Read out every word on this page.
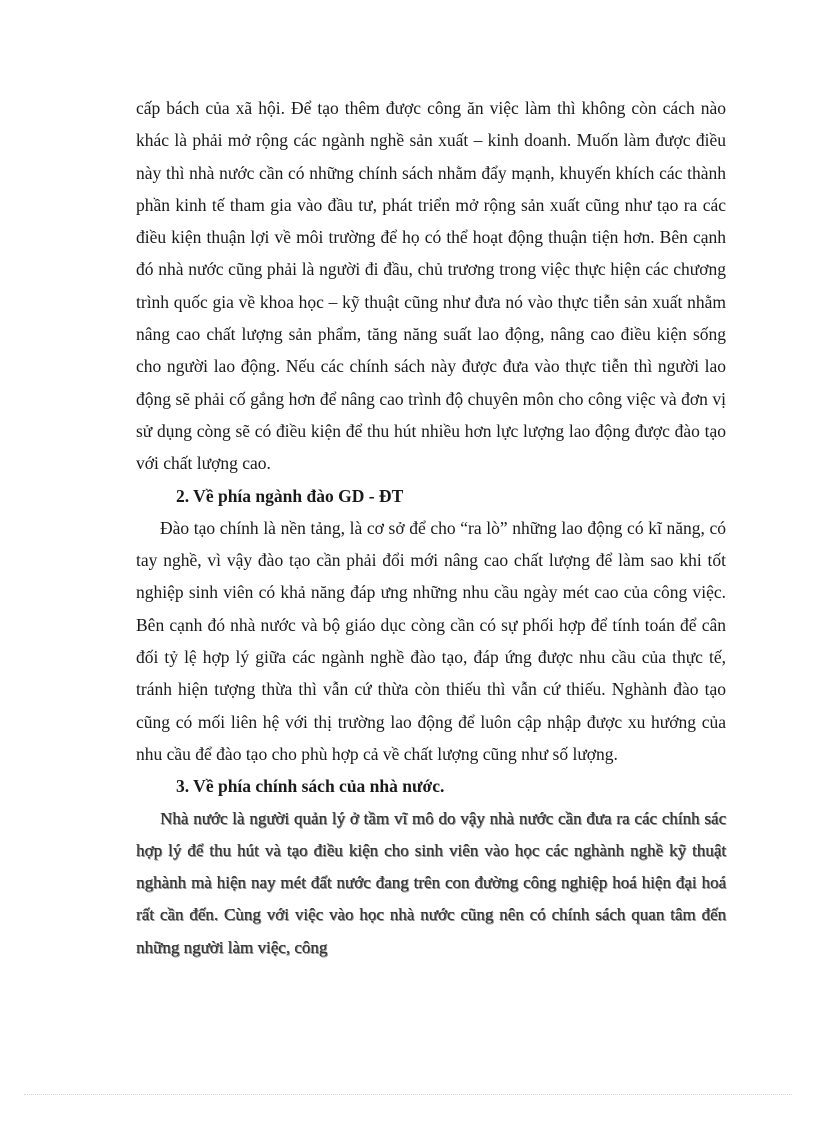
cấp bách của xã hội. Để tạo thêm được công ăn việc làm thì không còn cách nào khác là phải mở rộng các ngành nghề sản xuất – kinh doanh. Muốn làm được điều này thì nhà nước cần có những chính sách nhằm đẩy mạnh, khuyến khích các thành phần kinh tế tham gia vào đầu tư, phát triển mở rộng sản xuất cũng như tạo ra các điều kiện thuận lợi về môi trường để họ có thể hoạt động thuận tiện hơn. Bên cạnh đó nhà nước cũng phải là người đi đầu, chủ trương trong việc thực hiện các chương trình quốc gia về khoa học – kỹ thuật cũng như đưa nó vào thực tiễn sản xuất nhằm nâng cao chất lượng sản phẩm, tăng năng suất lao động, nâng cao điều kiện sống cho người lao động. Nếu các chính sách này được đưa vào thực tiễn thì người lao động sẽ phải cố gắng hơn để nâng cao trình độ chuyên môn cho công việc và đơn vị sử dụng còng sẽ có điều kiện để thu hút nhiều hơn lực lượng lao động được đào tạo với chất lượng cao.

2. Về phía ngành đào GD - ĐT

Đào tạo chính là nền tảng, là cơ sở để cho “ra lò” những lao động có kĩ năng, có tay nghề, vì vậy đào tạo cần phải đổi mới nâng cao chất lượng để làm sao khi tốt nghiệp sinh viên có khả năng đáp ưng những nhu cầu ngày mét cao của công việc. Bên cạnh đó nhà nước và bộ giáo dục còng cần có sự phối hợp để tính toán để cân đối tỷ lệ hợp lý giữa các ngành nghề đào tạo, đáp ứng được nhu cầu của thực tế, tránh hiện tượng thừa thì vẫn cứ thừa còn thiếu thì vẫn cứ thiếu. Nghành đào tạo cũng có mối liên hệ với thị trường lao động để luôn cập nhập được xu hướng của nhu cầu để đào tạo cho phù hợp cả về chất lượng cũng như số lượng.

3. Về phía chính sách của nhà nước.

Nhà nước là người quản lý ở tầm vĩ mô do vậy nhà nước cần đưa ra các chính sác hợp lý để thu hút và tạo điều kiện cho sinh viên vào học các nghành nghề kỹ thuật nghành mà hiện nay mét đất nước đang trên con đường công nghiệp hoá hiện đại hoá rất cần đến. Cùng với việc vào học nhà nước cũng nên có chính sách quan tâm đến những người làm việc, công
